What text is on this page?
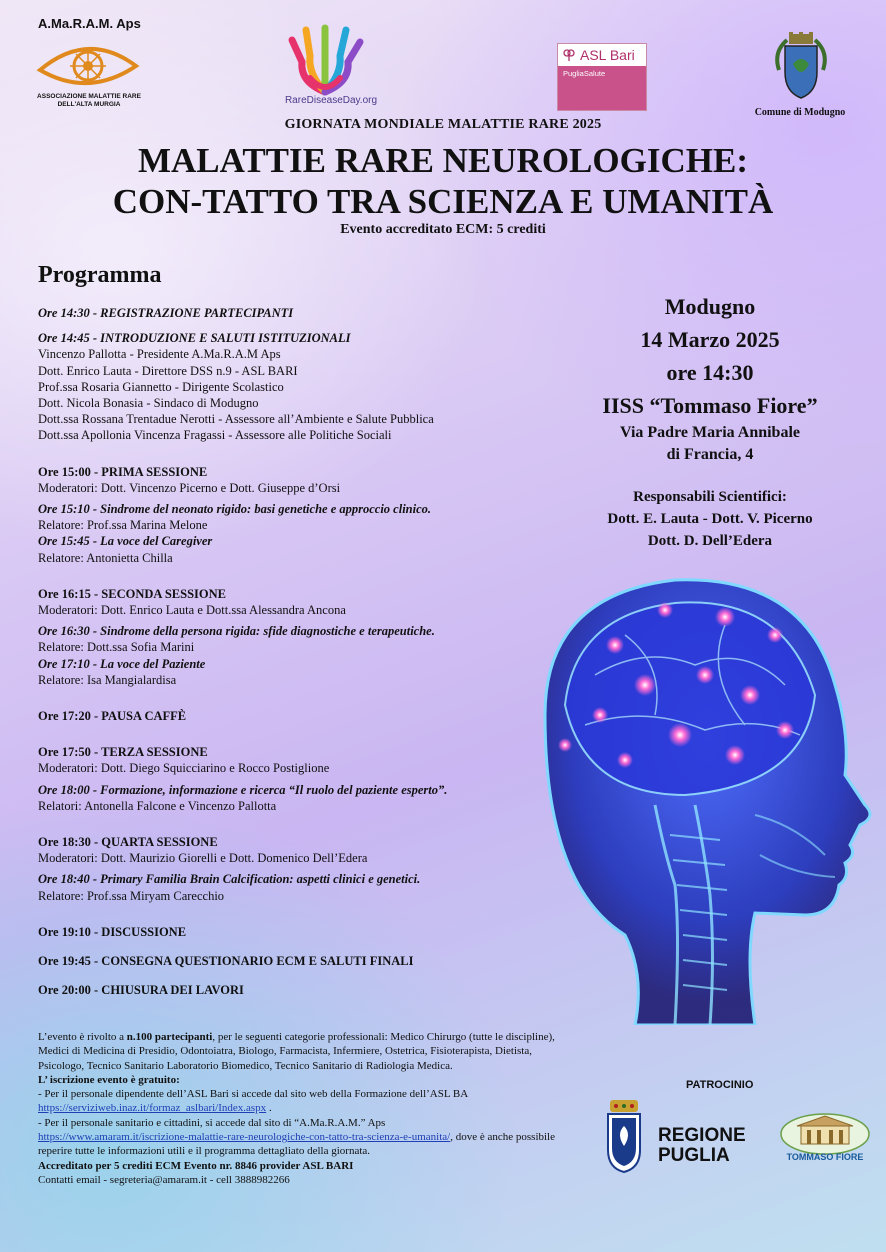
A.Ma.R.A.M. Aps
ASSOCIAZIONE MALATTIE RARE DELL'ALTA MURGIA	RareDiseaseDay.org
ASL Bari
PugliaSalute
Comune di Modugno
GIORNATA MONDIALE MALATTIE RARE 2025
MALATTIE RARE NEUROLOGICHE:
CON-TATTO TRA SCIENZA E UMANITÀ
Evento accreditato ECM: 5 crediti
Programma
Ore 14:30 - REGISTRAZIONE PARTECIPANTI
Ore 14:45 - INTRODUZIONE E SALUTI ISTITUZIONALI
Vincenzo Pallotta - Presidente A.Ma.R.A.M Aps
Dott. Enrico Lauta - Direttore DSS n.9 - ASL BARI
Prof.ssa Rosaria Giannetto - Dirigente Scolastico
Dott. Nicola Bonasia - Sindaco di Modugno
Dott.ssa Rossana Trentadue Nerotti - Assessore all’Ambiente e Salute Pubblica
Dott.ssa Apollonia Vincenza Fragassi - Assessore alle Politiche Sociali
Ore 15:00 - PRIMA SESSIONE
Moderatori: Dott. Vincenzo Picerno e Dott. Giuseppe d’Orsi
Ore 15:10 - Sindrome del neonato rigido: basi genetiche e approccio clinico.
Relatore: Prof.ssa Marina Melone
Ore 15:45 - La voce del Caregiver
Relatore: Antonietta Chilla
Ore 16:15 - SECONDA SESSIONE
Moderatori: Dott. Enrico Lauta e Dott.ssa Alessandra Ancona
Ore 16:30 - Sindrome della persona rigida: sfide diagnostiche e terapeutiche.
Relatore: Dott.ssa Sofia Marini
Ore 17:10 - La voce del Paziente
Relatore: Isa Mangialardisa
Ore 17:20 - PAUSA CAFFÈ
Ore 17:50 - TERZA SESSIONE
Moderatori: Dott. Diego Squicciarino e Rocco Postiglione
Ore 18:00 - Formazione, informazione e ricerca “Il ruolo del paziente esperto”.
Relatori: Antonella Falcone e Vincenzo Pallotta
Ore 18:30 - QUARTA SESSIONE
Moderatori: Dott. Maurizio Giorelli e Dott. Domenico Dell’Edera
Ore 18:40 - Primary Familia Brain Calcification: aspetti clinici e genetici.
Relatore: Prof.ssa Miryam Carecchio
Ore 19:10 - DISCUSSIONE
Ore 19:45 - CONSEGNA QUESTIONARIO ECM E SALUTI FINALI
Ore 20:00 - CHIUSURA DEI LAVORI
Modugno
14 Marzo 2025
ore 14:30
IISS “Tommaso Fiore”
Via Padre Maria Annibale
di Francia, 4
Responsabili Scientifici:
Dott. E. Lauta - Dott. V. Picerno
Dott. D. Dell’Edera
L’evento è rivolto a n.100 partecipanti, per le seguenti categorie professionali: Medico Chirurgo (tutte le discipline), Medici di Medicina di Presidio, Odontoiatra, Biologo, Farmacista, Infermiere, Ostetrica, Fisioterapista, Dietista, Psicologo, Tecnico Sanitario Laboratorio Biomedico, Tecnico Sanitario di Radiologia Medica.
L’ iscrizione evento è gratuito:
- Per il personale dipendente dell’ASL Bari si accede dal sito web della Formazione dell’ASL BA
https://serviziweb.inaz.it/formaz_aslbari/Index.aspx .
- Per il personale sanitario e cittadini, si accede dal sito di “A.Ma.R.A.M.” Aps
https://www.amaram.it/iscrizione-malattie-rare-neurologiche-con-tatto-tra-scienza-e-umanita/, dove è anche possibile reperire tutte le informazioni utili e il programma dettagliato della giornata.
Accreditato per 5 crediti ECM Evento nr. 8846 provider ASL BARI
Contatti email - segreteria@amaram.it - cell 3888982266
PATROCINIO
REGIONE
PUGLIA	TOMMASO FIORE
